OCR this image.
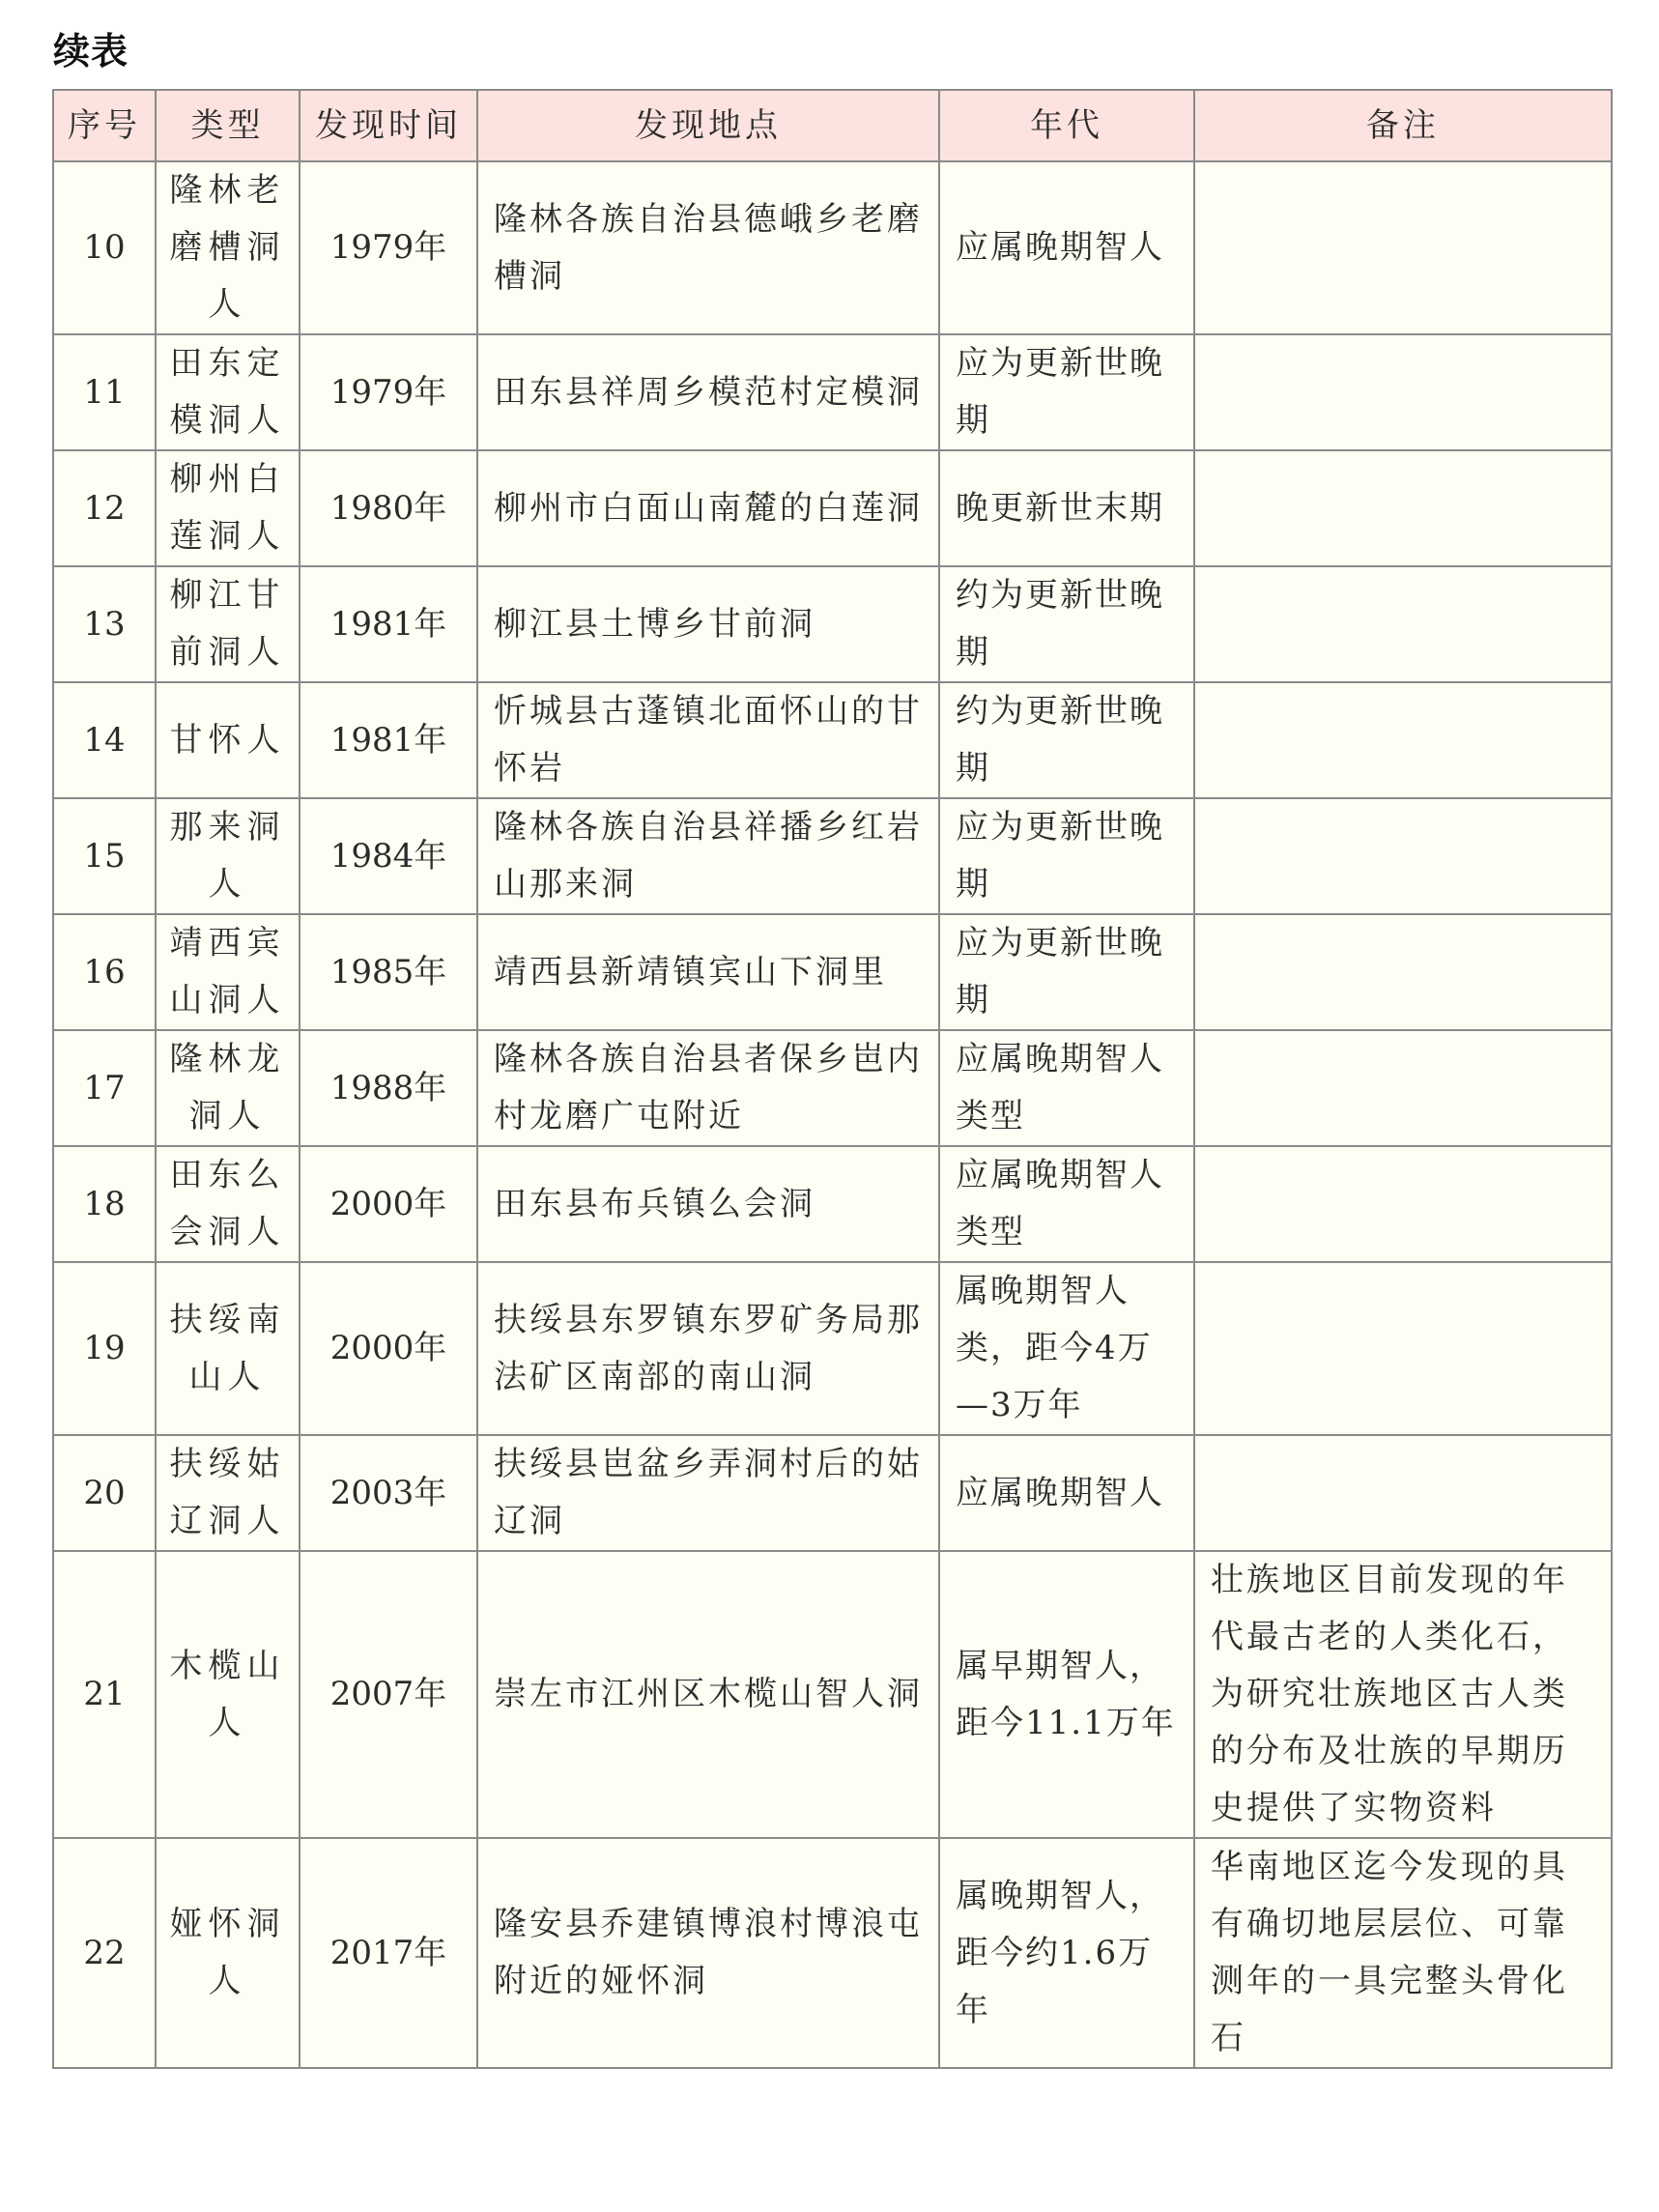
续表
序号	类型	发现时间	发现地点	年代	备注
10	隆林老磨槽洞人	1979年	隆林各族自治县德峨乡老磨槽洞	应属晚期智人	
11	田东定模洞人	1979年	田东县祥周乡模范村定模洞	应为更新世晚期	
12	柳州白莲洞人	1980年	柳州市白面山南麓的白莲洞	晚更新世末期	
13	柳江甘前洞人	1981年	柳江县土博乡甘前洞	约为更新世晚期	
14	甘怀人	1981年	忻城县古蓬镇北面怀山的甘怀岩	约为更新世晚期	
15	那来洞人	1984年	隆林各族自治县祥播乡红岩山那来洞	应为更新世晚期	
16	靖西宾山洞人	1985年	靖西县新靖镇宾山下洞里	应为更新世晚期	
17	隆林龙洞人	1988年	隆林各族自治县者保乡岜内村龙磨广屯附近	应属晚期智人类型	
18	田东么会洞人	2000年	田东县布兵镇么会洞	应属晚期智人类型	
19	扶绥南山人	2000年	扶绥县东罗镇东罗矿务局那法矿区南部的南山洞	属晚期智人类，距今4万—3万年	
20	扶绥姑辽洞人	2003年	扶绥县岜盆乡弄洞村后的姑辽洞	应属晚期智人	
21	木榄山人	2007年	崇左市江州区木榄山智人洞	属早期智人，距今11.1万年	壮族地区目前发现的年代最古老的人类化石，为研究壮族地区古人类的分布及壮族的早期历史提供了实物资料
22	娅怀洞人	2017年	隆安县乔建镇博浪村博浪屯附近的娅怀洞	属晚期智人，距今约1.6万年	华南地区迄今发现的具有确切地层层位、可靠测年的一具完整头骨化石
